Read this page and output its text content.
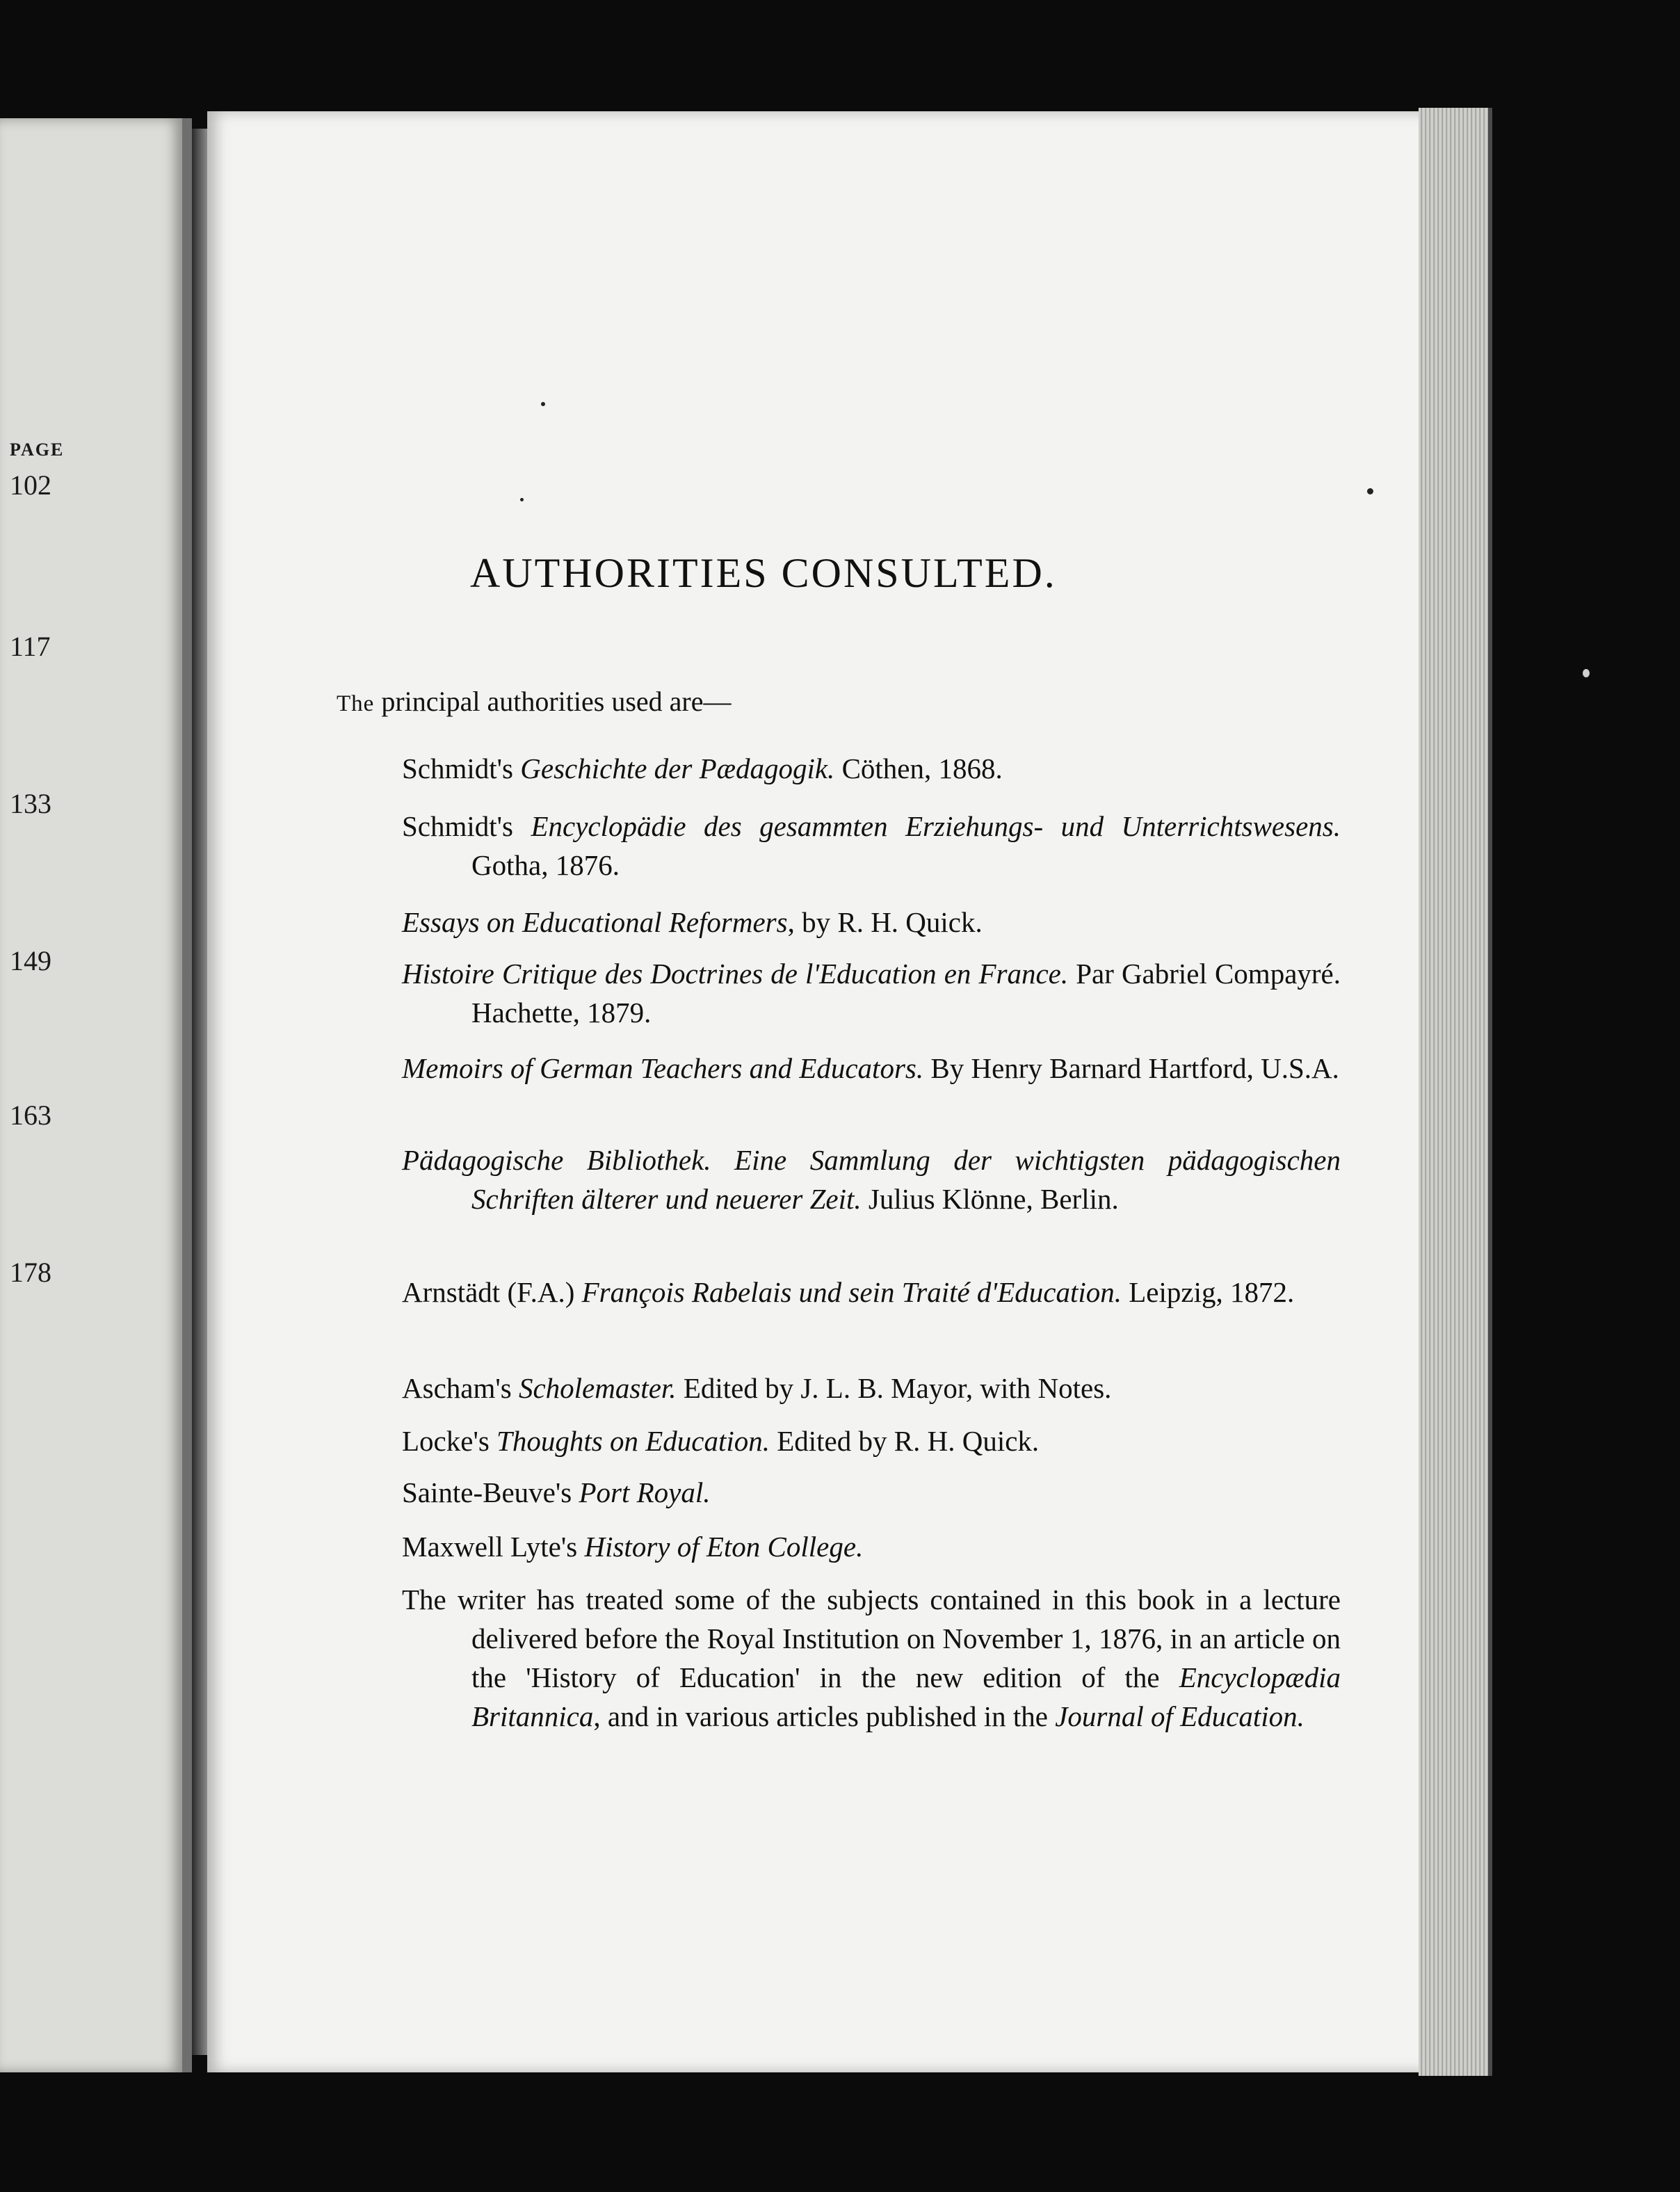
PAGE

102

117

133

149

163

178

AUTHORITIES CONSULTED.

The principal authorities used are—

Schmidt's Geschichte der Pædagogik. Cöthen, 1868.

Schmidt's Encyclopädie des gesammten Erziehungs- und Unterrichtswesens. Gotha, 1876.

Essays on Educational Reformers, by R. H. Quick.

Histoire Critique des Doctrines de l'Education en France. Par Gabriel Compayré. Hachette, 1879.

Memoirs of German Teachers and Educators. By Henry Barnard Hartford, U.S.A.

Pädagogische Bibliothek. Eine Sammlung der wichtigsten pädagogischen Schriften älterer und neuerer Zeit. Julius Klönne, Berlin.

Arnstädt (F.A.) François Rabelais und sein Traité d'Education. Leipzig, 1872.

Ascham's Scholemaster. Edited by J. L. B. Mayor, with Notes.

Locke's Thoughts on Education. Edited by R. H. Quick.

Sainte-Beuve's Port Royal.

Maxwell Lyte's History of Eton College.

The writer has treated some of the subjects contained in this book in a lecture delivered before the Royal Institution on November 1, 1876, in an article on the 'History of Education' in the new edition of the Encyclopædia Britannica, and in various articles published in the Journal of Education.
